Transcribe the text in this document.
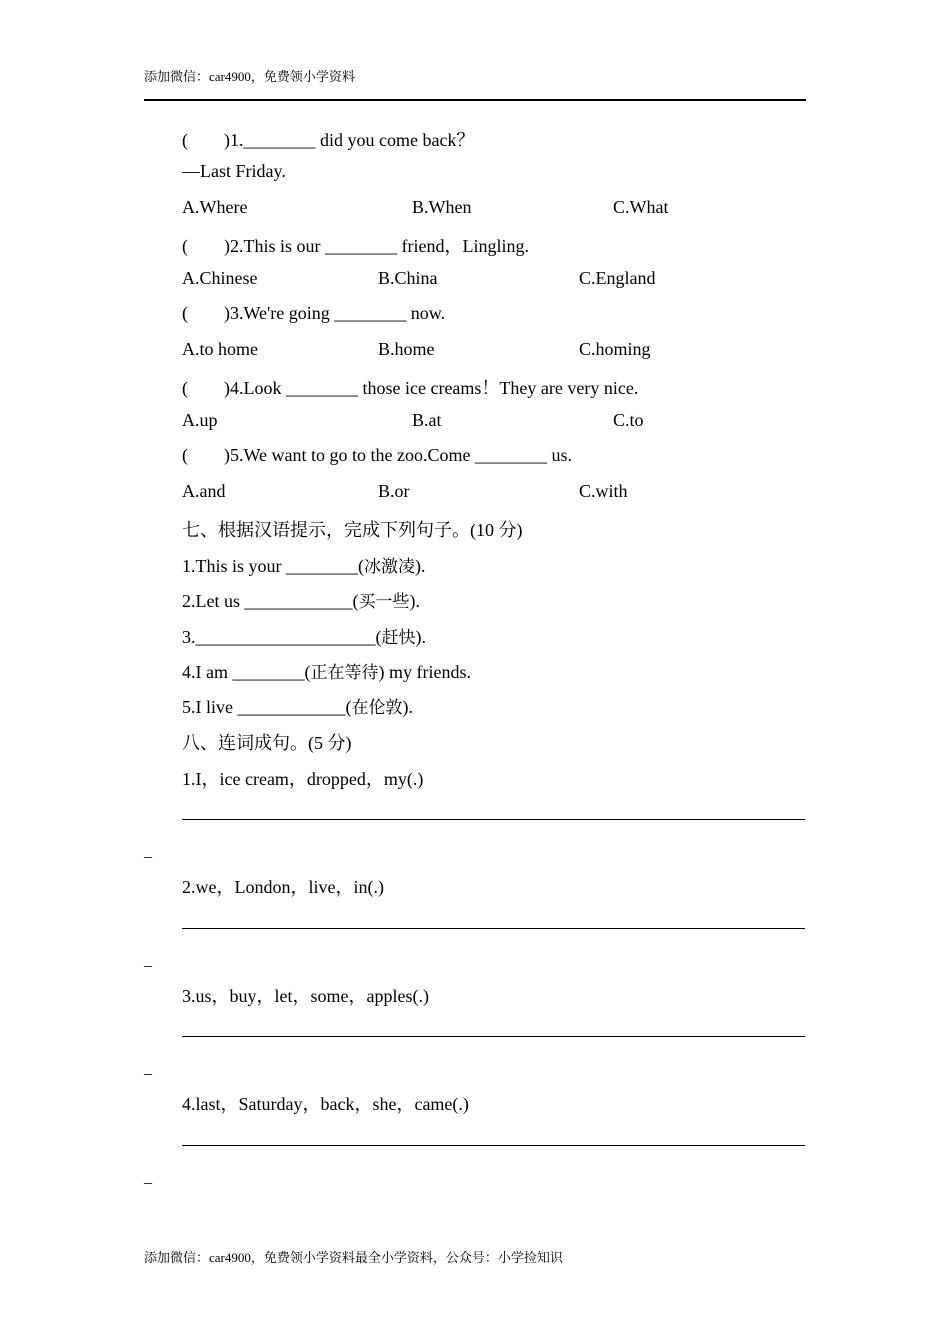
添加微信：car4900，免费领小学资料
(        )1.________ did you come back？
—Last Friday.
A.Where	B.When	C.What
(        )2.This is our ________ friend，Lingling.
A.Chinese	B.China	C.England
(        )3.We're going ________ now.
A.to home	B.home	C.homing
(        )4.Look ________ those ice creams！They are very nice.
A.up	B.at	C.to
(        )5.We want to go to the zoo.Come ________ us.
A.and	B.or	C.with
七、根据汉语提示，完成下列句子。(10 分)
1.This is your ________(冰激凌).
2.Let us ____________(买一些).
3.____________________(赶快).
4.I am ________(正在等待) my friends.
5.I live ____________(在伦敦).
八、连词成句。(5 分)
1.I，ice cream，dropped，my(.)
_
2.we，London，live，in(.)
_
3.us，buy，let，some，apples(.)
_
4.last，Saturday，back，she，came(.)
_
添加微信：car4900，免费领小学资料最全小学资料，公众号：小学捡知识
